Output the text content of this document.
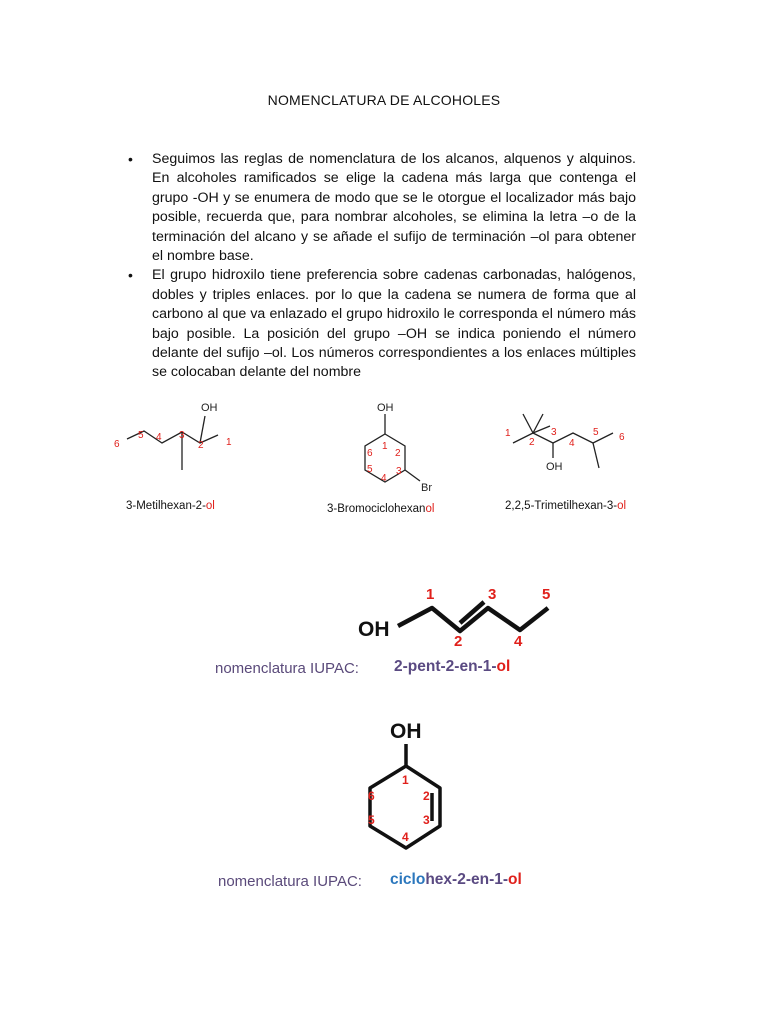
NOMENCLATURA DE ALCOHOLES
• Seguimos las reglas de nomenclatura de los alcanos, alquenos y alquinos. En alcoholes ramificados se elige la cadena más larga que contenga el grupo -OH y se enumera de modo que se le otorgue el localizador más bajo posible, recuerda que, para nombrar alcoholes, se elimina la letra –o de la terminación del alcano y se añade el sufijo de terminación –ol para obtener el nombre base.
• El grupo hidroxilo tiene preferencia sobre cadenas carbonadas, halógenos, dobles y triples enlaces. por lo que la cadena se numera de forma que al carbono al que va enlazado el grupo hidroxilo le corresponda el número más bajo posible. La posición del grupo –OH se indica poniendo el número delante del sufijo –ol. Los números correspondientes a los enlaces múltiples se colocaban delante del nombre
OH
6
5 4 3
2 1
3-Metilhexan-2-ol
OH
Br
1
2
3
4
5
6
3-Bromociclohexanol
OH
1
2
3
4
5 6
2,2,5-Trimetilhexan-3-ol
OH
1
2
3
4
5
nomenclatura IUPAC: 2-pent-2-en-1-ol
OH
1
2
3
4
5
6
nomenclatura IUPAC: ciclohex-2-en-1-ol
